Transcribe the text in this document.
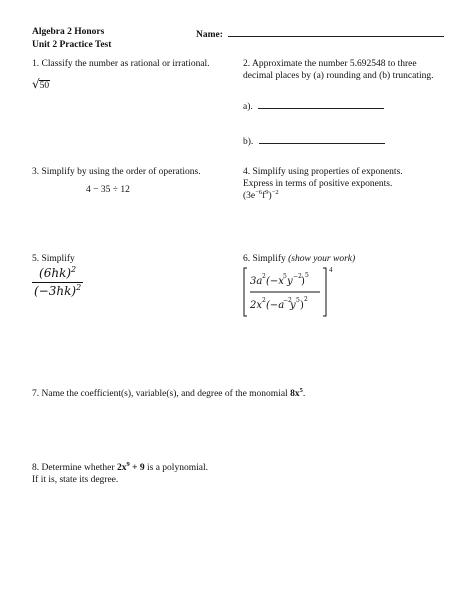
Algebra 2 Honors
Unit 2 Practice Test
Name:
1. Classify the number as rational or irrational.
√50
2. Approximate the number 5.692548 to three decimal places by (a) rounding and (b) truncating.
a).
b).
3. Simplify by using the order of operations.
4 − 35 ÷ 12
4. Simplify using properties of exponents.
Express in terms of positive exponents.
$(3e^{-6}f^9)^{-2}$
5. Simplify
$\frac{(6hk)^2}{(-3hk)^2}$
6. Simplify (show your work)
3a 2 (−x 5 y −2 )
5
2x 2 (−a
−2
y 5 )
2
4
7. Name the coefficient(s), variable(s), and degree of the monomial $8x^5$.
8. Determine whether $2x^9 + 9$ is a polynomial.
If it is, state its degree.
